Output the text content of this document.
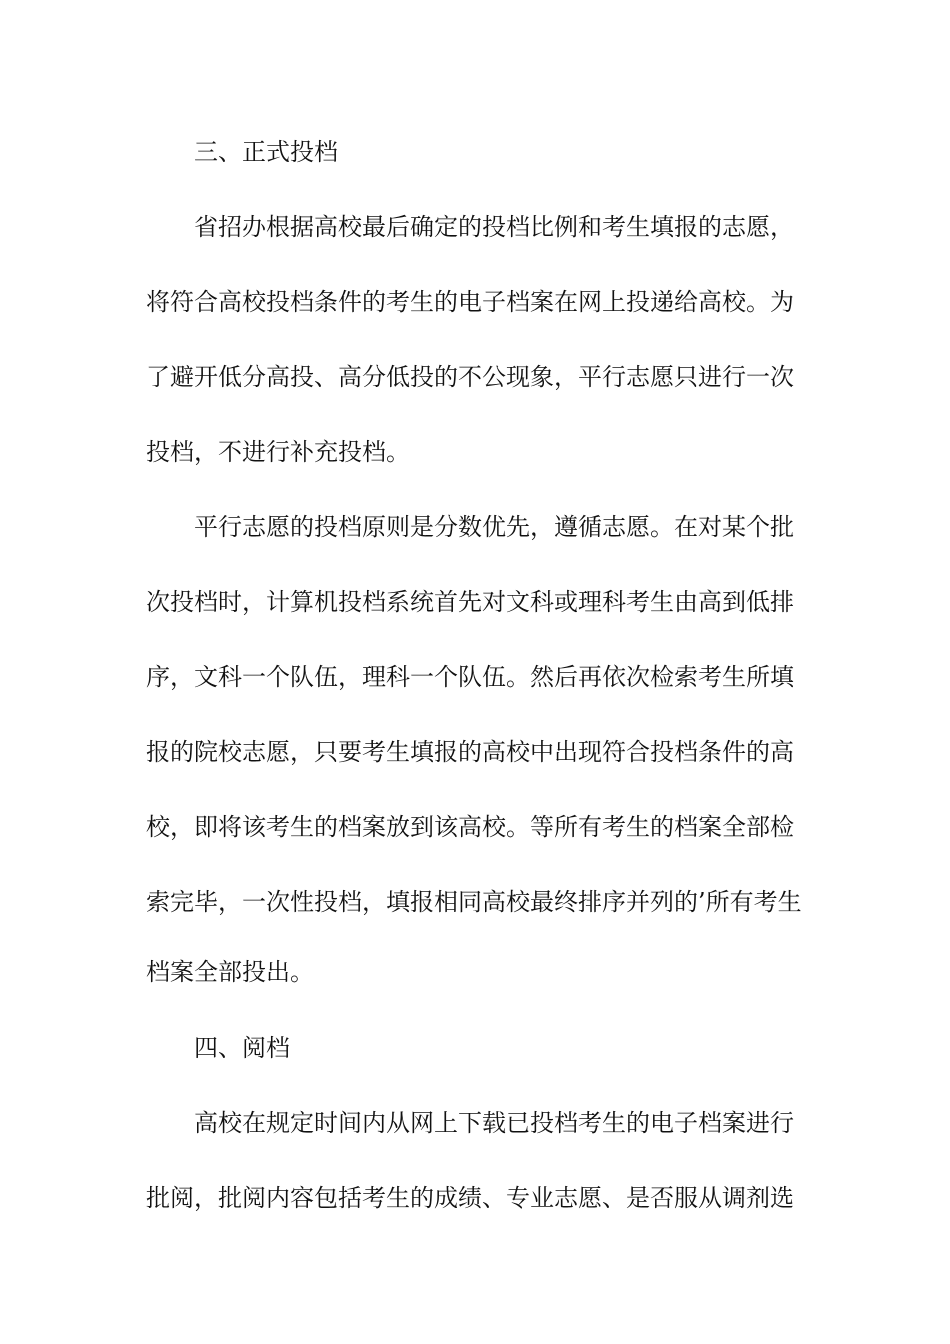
三、正式投档
省招办根据高校最后确定的投档比例和考生填报的志愿，
将符合高校投档条件的考生的电子档案在网上投递给高校。为
了避开低分高投、高分低投的不公现象，平行志愿只进行一次
投档，不进行补充投档。
平行志愿的投档原则是分数优先，遵循志愿。在对某个批
次投档时，计算机投档系统首先对文科或理科考生由高到低排
序，文科一个队伍，理科一个队伍。然后再依次检索考生所填
报的院校志愿，只要考生填报的高校中出现符合投档条件的高
校，即将该考生的档案放到该高校。等所有考生的档案全部检
索完毕，一次性投档，填报相同高校最终排序并列的’所有考生
档案全部投出。
四、阅档
高校在规定时间内从网上下载已投档考生的电子档案进行
批阅，批阅内容包括考生的成绩、专业志愿、是否服从调剂选
